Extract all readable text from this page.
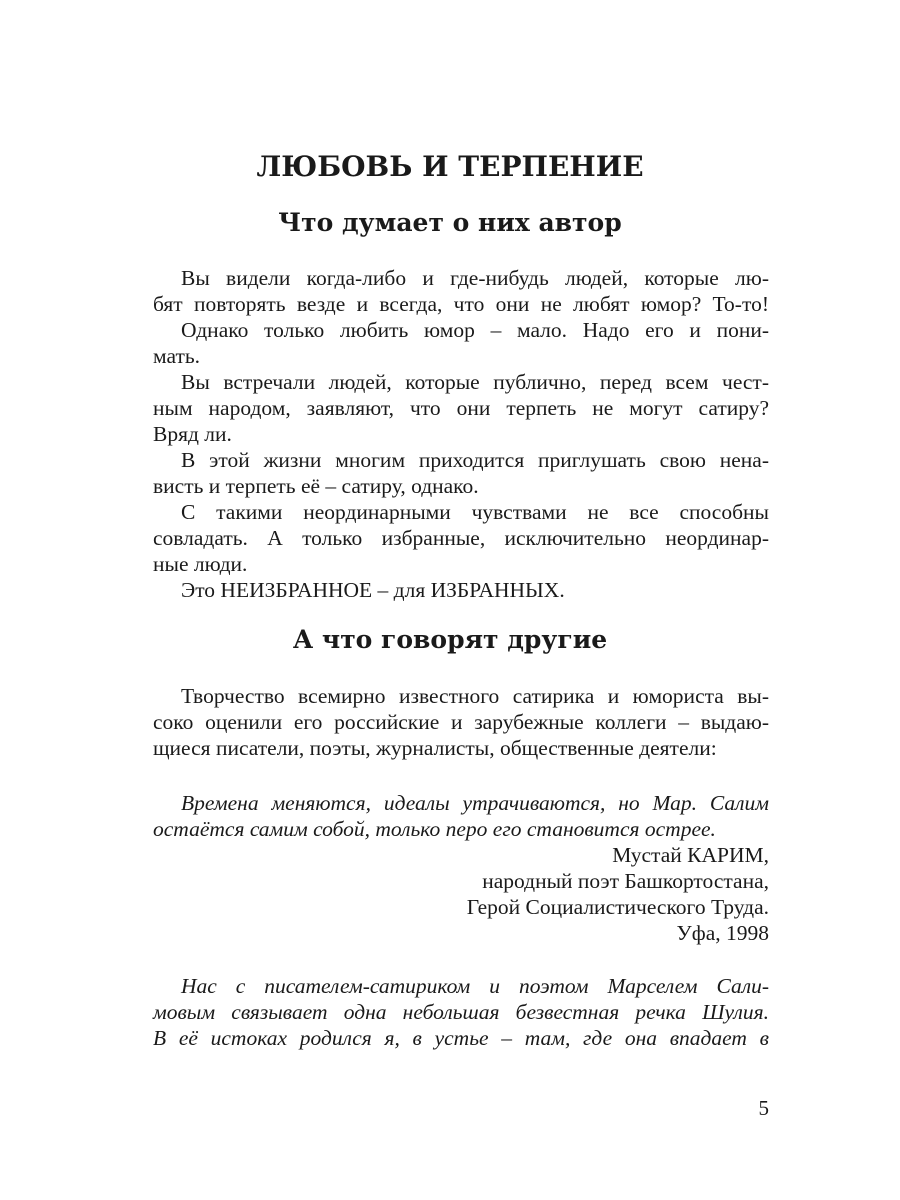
ЛЮБОВЬ И ТЕРПЕНИЕ
Что думает о них автор
Вы видели когда-либо и где-нибудь людей, которые лю-
бят повторять везде и всегда, что они не любят юмор? То-то!
Однако только любить юмор – мало. Надо его и пони-
мать.
Вы встречали людей, которые публично, перед всем чест-
ным народом, заявляют, что они терпеть не могут сатиру?
Вряд ли.
В этой жизни многим приходится приглушать свою нена-
висть и терпеть её – сатиру, однако.
С такими неординарными чувствами не все способны
совладать. А только избранные, исключительно неординар-
ные люди.
Это НЕИЗБРАННОЕ – для ИЗБРАННЫХ.
А что говорят другие
Творчество всемирно известного сатирика и юмориста вы-
соко оценили его российские и зарубежные коллеги – выдаю-
щиеся писатели, поэты, журналисты, общественные деятели:
Времена меняются, идеалы утрачиваются, но Мар. Салим
остаётся самим собой, только перо его становится острее.
Мустай КАРИМ,
народный поэт Башкортостана,
Герой Социалистического Труда.
Уфа, 1998
Нас с писателем-сатириком и поэтом Марселем Сали-
мовым связывает одна небольшая безвестная речка Шулия.
В её истоках родился я, в устье – там, где она впадает в
5
